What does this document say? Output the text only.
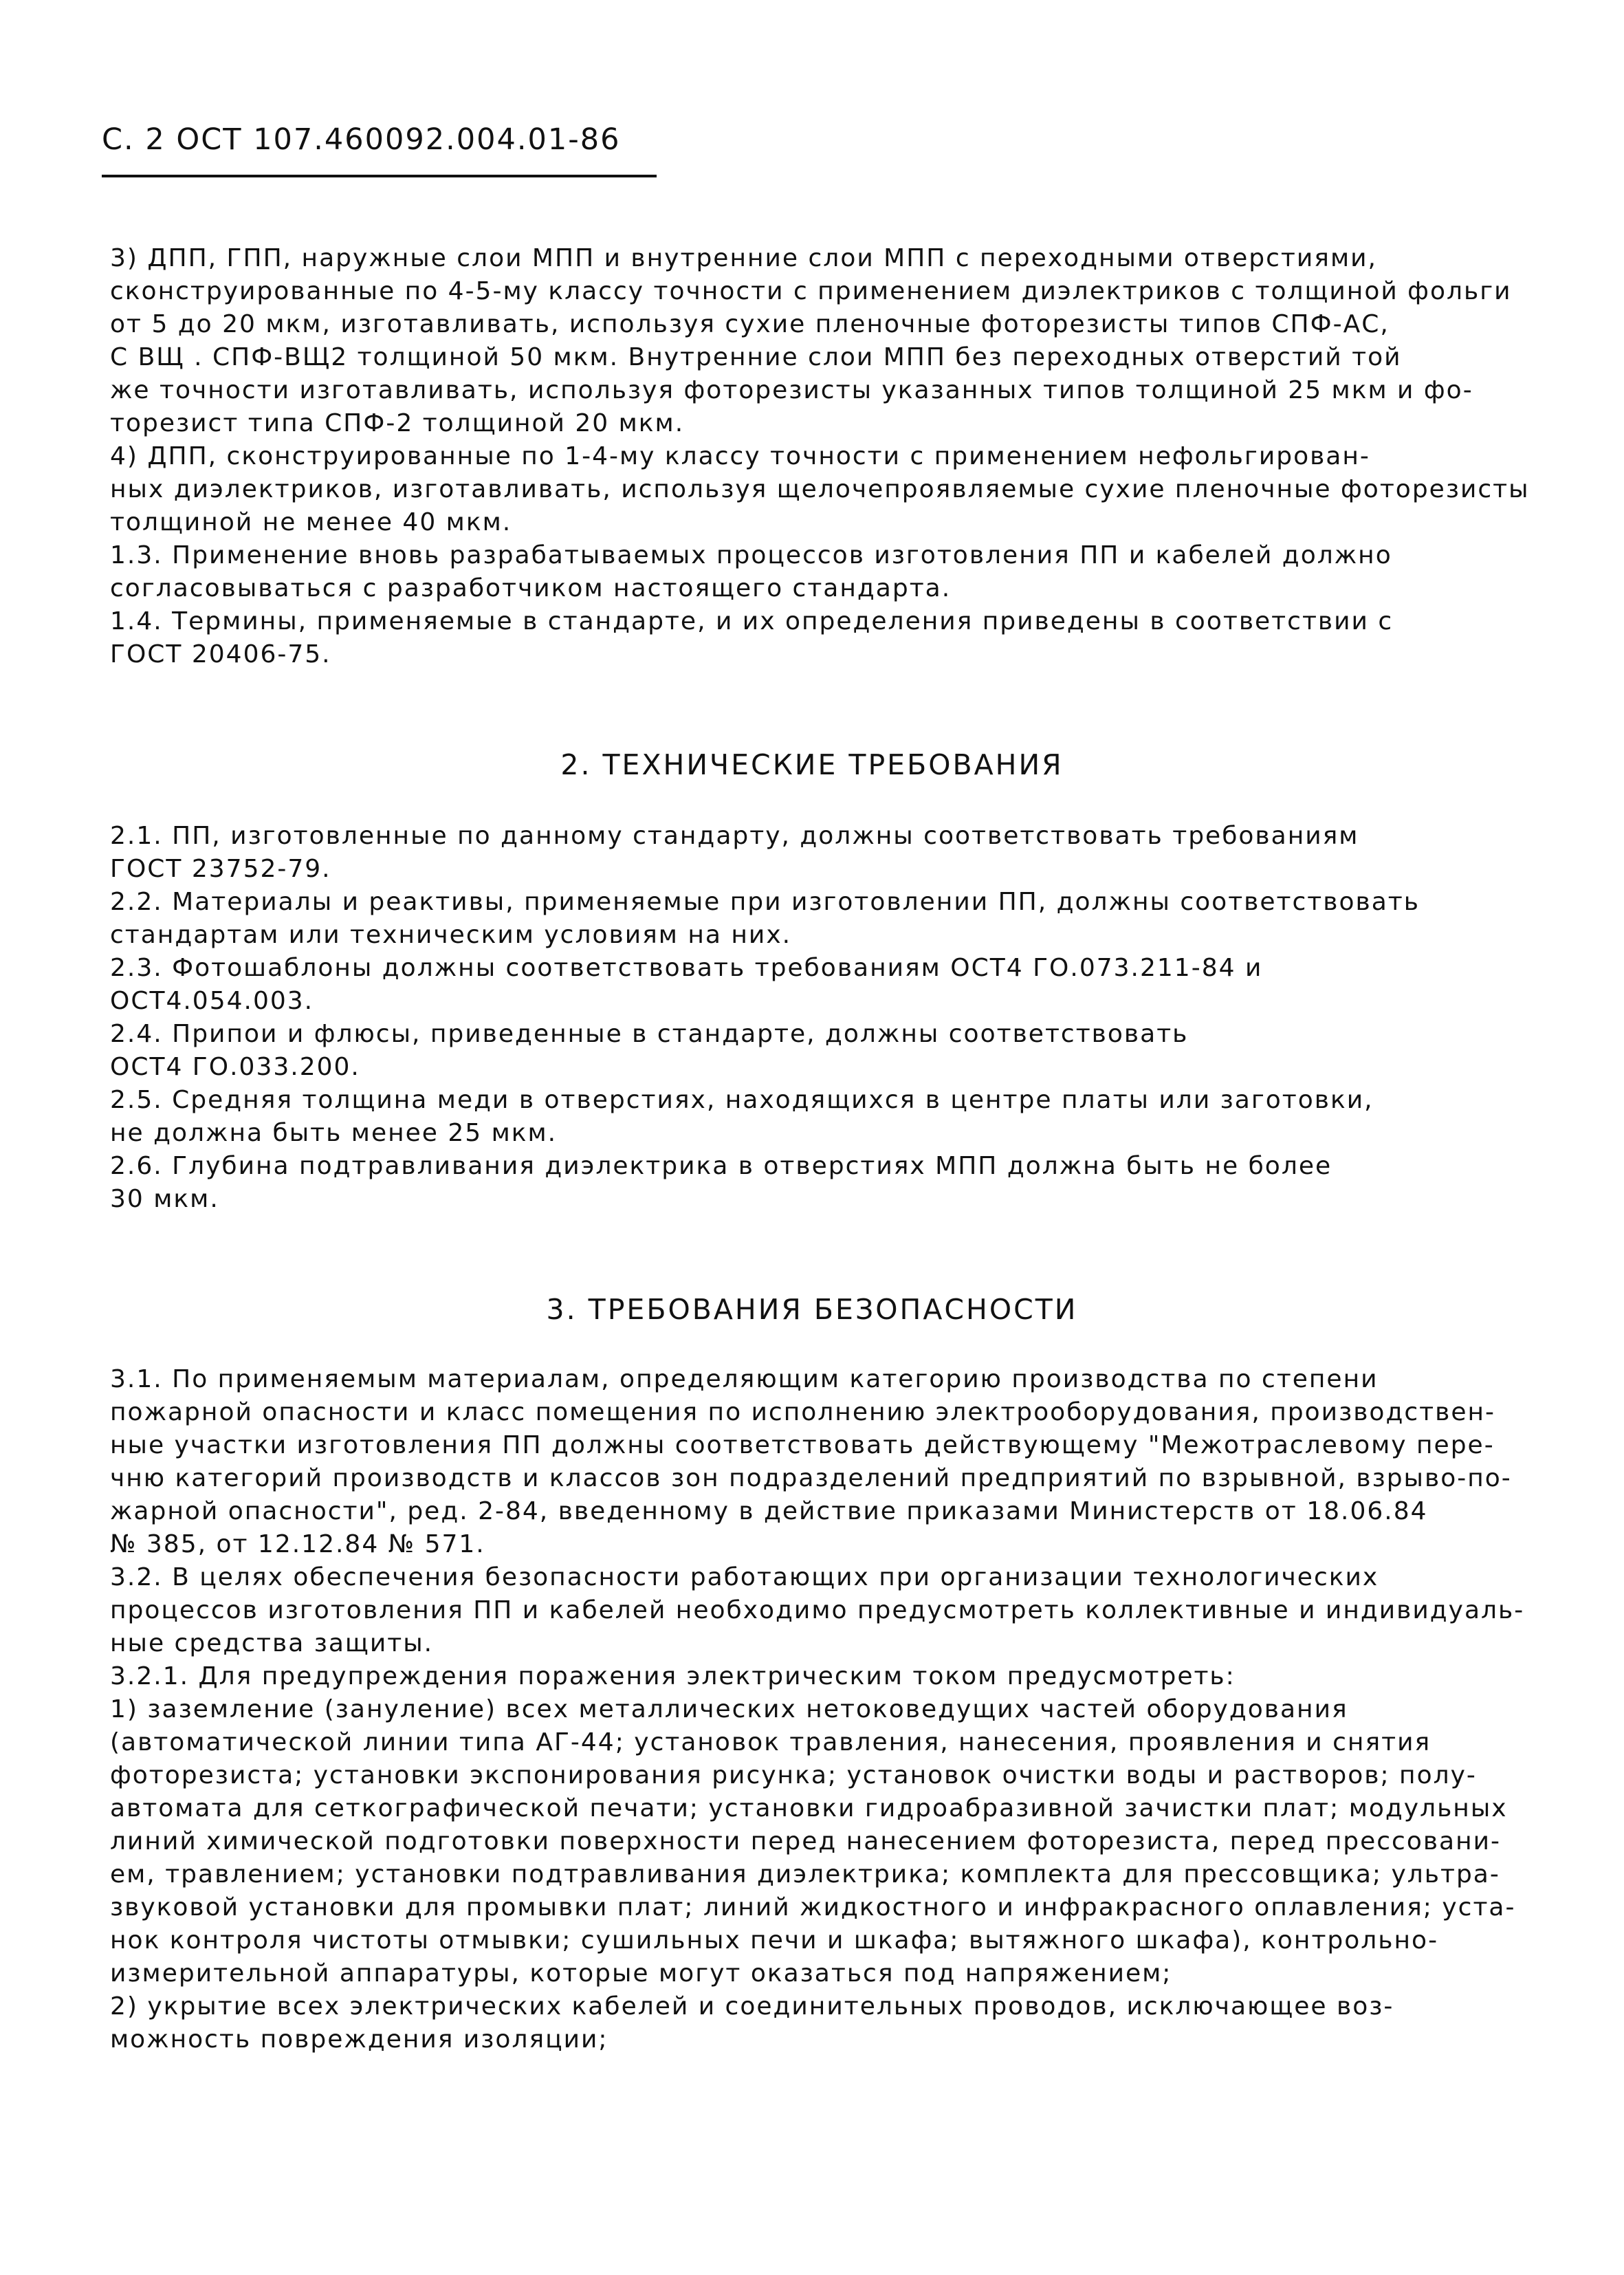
С. 2 ОСТ 107.460092.004.01-86
3) ДПП, ГПП, наружные слои МПП и внутренние слои МПП с переходными отверстиями,
сконструированные по 4-5-му классу точности с применением диэлектриков с толщиной фольги
от 5 до 20 мкм, изготавливать, используя сухие пленочные фоторезисты типов СПФ-АС,
С ВЩ . СПФ-ВЩ2 толщиной 50 мкм. Внутренние слои МПП без переходных отверстий той
же точности изготавливать, используя фоторезисты указанных типов толщиной 25 мкм и фо-
торезист типа СПФ-2 толщиной 20 мкм.
4) ДПП, сконструированные по 1-4-му классу точности с применением нефольгирован-
ных диэлектриков, изготавливать, используя щелочепроявляемые сухие пленочные фоторезисты
толщиной не менее 40 мкм.
1.3. Применение вновь разрабатываемых процессов изготовления ПП и кабелей должно
согласовываться с разработчиком настоящего стандарта.
1.4. Термины, применяемые в стандарте, и их определения приведены в соответствии с
ГОСТ 20406-75.
2. ТЕХНИЧЕСКИЕ ТРЕБОВАНИЯ
2.1. ПП, изготовленные по данному стандарту, должны соответствовать требованиям
ГОСТ 23752-79.
2.2. Материалы и реактивы, применяемые при изготовлении ПП, должны соответствовать
стандартам или техническим условиям на них.
2.3. Фотошаблоны должны соответствовать требованиям ОСТ4 ГО.073.211-84 и
ОСТ4.054.003.
2.4. Припои и флюсы, приведенные в стандарте, должны соответствовать
ОСТ4 ГО.033.200.
2.5. Средняя толщина меди в отверстиях, находящихся в центре платы или заготовки,
не должна быть менее 25 мкм.
2.6. Глубина подтравливания диэлектрика в отверстиях МПП должна быть не более
30 мкм.
3. ТРЕБОВАНИЯ БЕЗОПАСНОСТИ
3.1. По применяемым материалам, определяющим категорию производства по степени
пожарной опасности и класс помещения по исполнению электрооборудования, производствен-
ные участки изготовления ПП должны соответствовать действующему "Межотраслевому пере-
чню категорий производств и классов зон подразделений предприятий по взрывной, взрыво-по-
жарной опасности", ред. 2-84, введенному в действие приказами Министерств от 18.06.84
№ 385, от 12.12.84 № 571.
3.2. В целях обеспечения безопасности работающих при организации технологических
процессов изготовления ПП и кабелей необходимо предусмотреть коллективные и индивидуаль-
ные средства защиты.
3.2.1. Для предупреждения поражения электрическим током предусмотреть:
1) заземление (зануление) всех металлических нетоковедущих частей оборудования
(автоматической линии типа АГ-44; установок травления, нанесения, проявления и снятия
фоторезиста; установки экспонирования рисунка; установок очистки воды и растворов; полу-
автомата для сеткографической печати; установки гидроабразивной зачистки плат; модульных
линий химической подготовки поверхности перед нанесением фоторезиста, перед прессовани-
ем, травлением; установки подтравливания диэлектрика; комплекта для прессовщика; ультра-
звуковой установки для промывки плат; линий жидкостного и инфракрасного оплавления; уста-
нок контроля чистоты отмывки; сушильных печи и шкафа; вытяжного шкафа), контрольно-
измерительной аппаратуры, которые могут оказаться под напряжением;
2) укрытие всех электрических кабелей и соединительных проводов, исключающее воз-
можность повреждения изоляции;
